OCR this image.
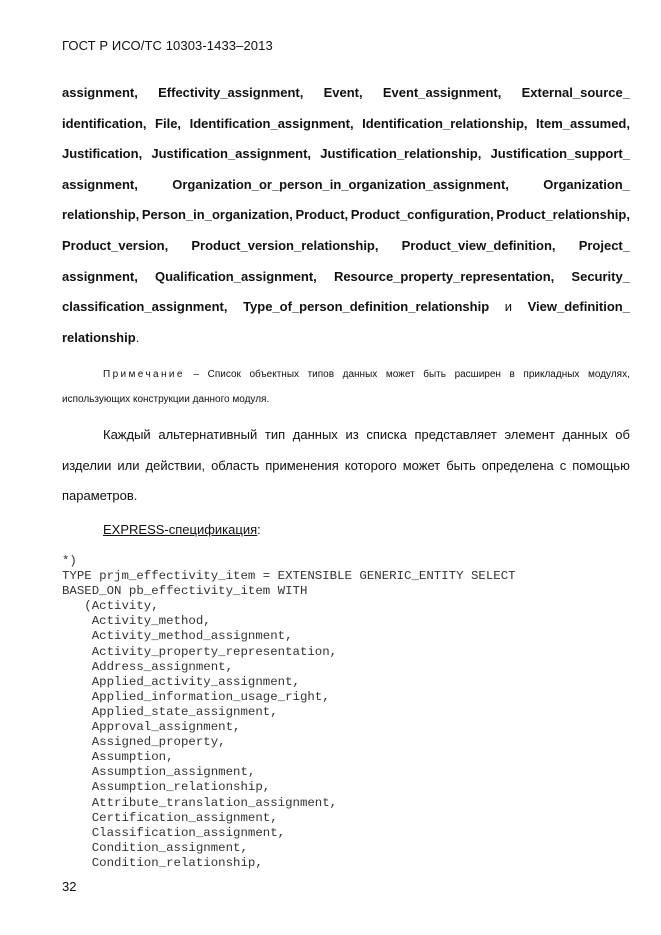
ГОСТ Р ИСО/ТС 10303-1433–2013
assignment, Effectivity_assignment, Event, Event_assignment, External_source_
identification, File, Identification_assignment, Identification_relationship, Item_assumed,
Justification, Justification_assignment, Justification_relationship, Justification_support_
assignment,	Organization_or_person_in_organization_assignment,	Organization_
relationship, Person_in_organization, Product, Product_configuration, Product_relationship,
Product_version, Product_version_relationship, Product_view_definition, Project_
assignment, Qualification_assignment, Resource_property_representation, Security_
classification_assignment, Type_of_person_definition_relationship и View_definition_
relationship .
Примечание – Список объектных типов данных может быть расширен в прикладных модулях,
использующих конструкции данного модуля.
Каждый альтернативный тип данных из списка представляет элемент данных об
изделии или действии, область применения которого может быть определена с помощью
параметров.
EXPRESS-спецификация:
*)
TYPE prjm_effectivity_item = EXTENSIBLE GENERIC_ENTITY SELECT
BASED_ON pb_effectivity_item WITH
(Activity,
Activity_method,
Activity_method_assignment,
Activity_property_representation,
Address_assignment,
Applied_activity_assignment,
Applied_information_usage_right,
Applied_state_assignment,
Approval_assignment,
Assigned_property,
Assumption,
Assumption_assignment,
Assumption_relationship,
Attribute_translation_assignment,
Certification_assignment,
Classification_assignment,
Condition_assignment,
Condition_relationship,
32
